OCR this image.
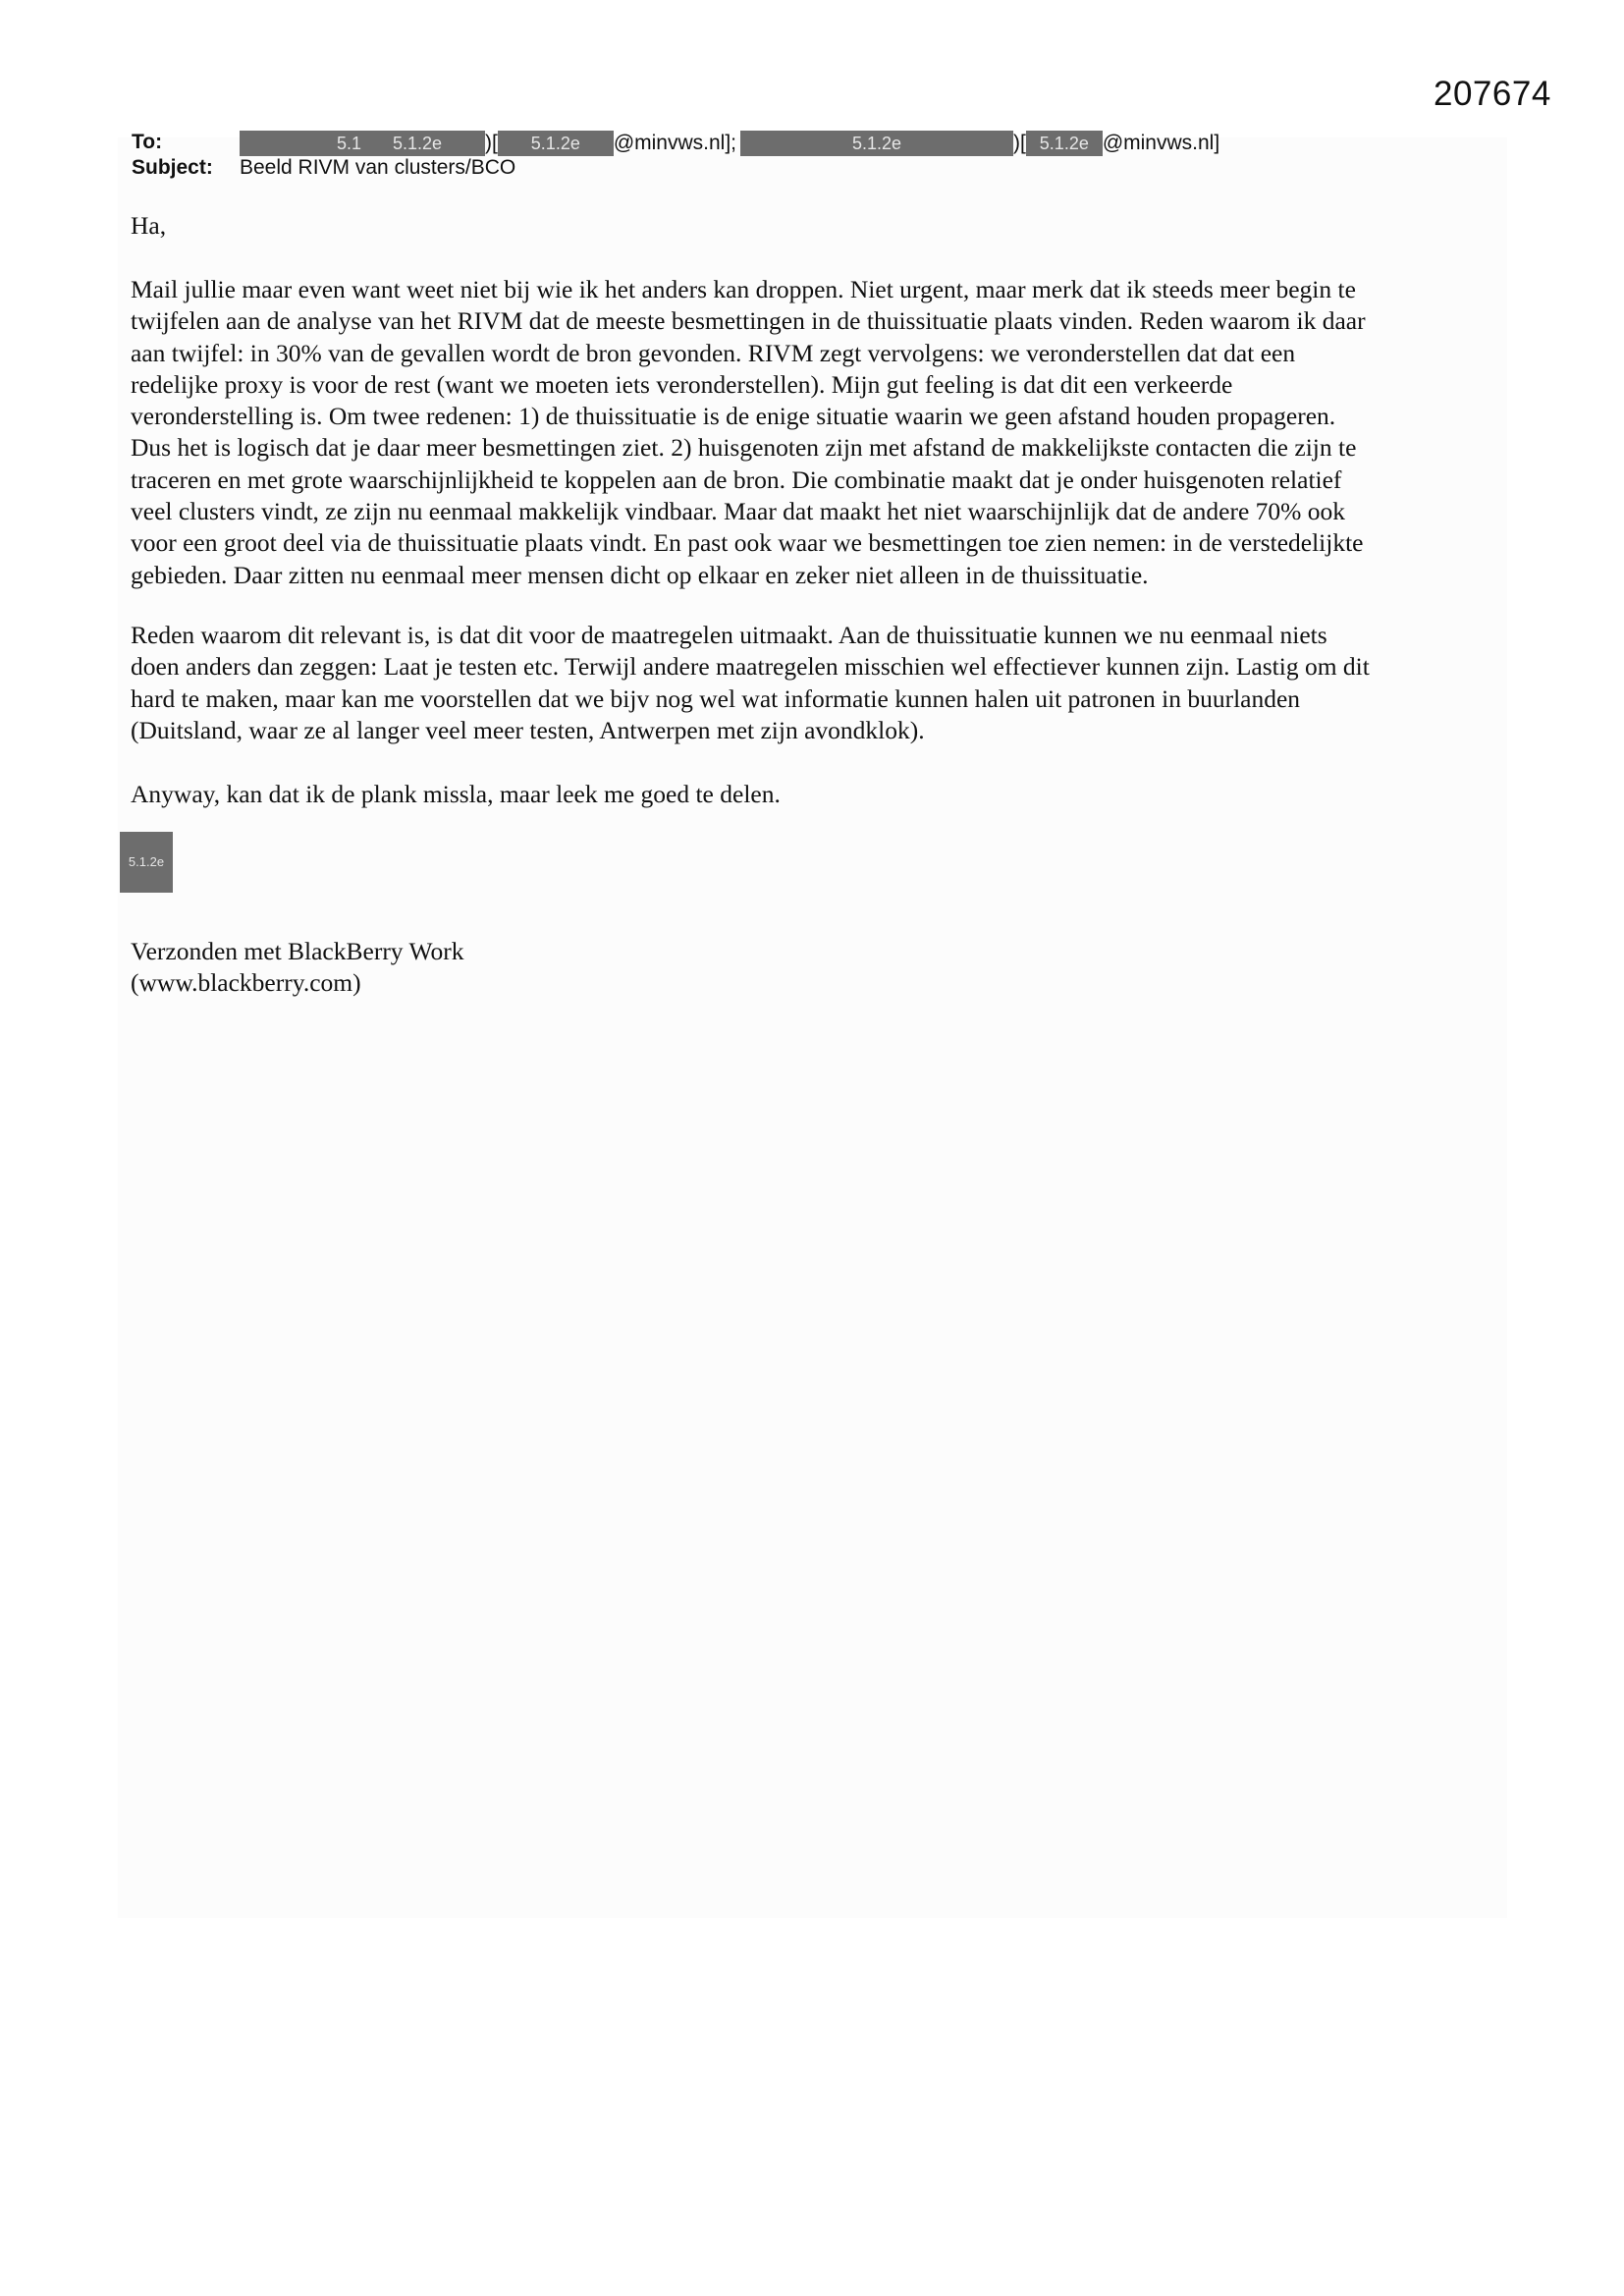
207674
To:	5.1 5.1.2e )[	5.1.2e	@minvws.nl];	5.1.2e	)[ 5.1.2e @minvws.nl]
Subject: Beeld RIVM van clusters/BCO
Ha,
Mail jullie maar even want weet niet bij wie ik het anders kan droppen. Niet urgent, maar merk dat ik steeds meer begin te
twijfelen aan de analyse van het RIVM dat de meeste besmettingen in de thuissituatie plaats vinden. Reden waarom ik daar
aan twijfel: in 30% van de gevallen wordt de bron gevonden. RIVM zegt vervolgens: we veronderstellen dat dat een
redelijke proxy is voor de rest (want we moeten iets veronderstellen). Mijn gut feeling is dat dit een verkeerde
veronderstelling is. Om twee redenen: 1) de thuissituatie is de enige situatie waarin we geen afstand houden propageren.
Dus het is logisch dat je daar meer besmettingen ziet. 2) huisgenoten zijn met afstand de makkelijkste contacten die zijn te
traceren en met grote waarschijnlijkheid te koppelen aan de bron. Die combinatie maakt dat je onder huisgenoten relatief
veel clusters vindt, ze zijn nu eenmaal makkelijk vindbaar. Maar dat maakt het niet waarschijnlijk dat de andere 70% ook
voor een groot deel via de thuissituatie plaats vindt. En past ook waar we besmettingen toe zien nemen: in de verstedelijkte
gebieden. Daar zitten nu eenmaal meer mensen dicht op elkaar en zeker niet alleen in de thuissituatie.
Reden waarom dit relevant is, is dat dit voor de maatregelen uitmaakt. Aan de thuissituatie kunnen we nu eenmaal niets
doen anders dan zeggen: Laat je testen etc. Terwijl andere maatregelen misschien wel effectiever kunnen zijn. Lastig om dit
hard te maken, maar kan me voorstellen dat we bijv nog wel wat informatie kunnen halen uit patronen in buurlanden
(Duitsland, waar ze al langer veel meer testen, Antwerpen met zijn avondklok).
Anyway, kan dat ik de plank missla, maar leek me goed te delen.
5.1.2e
Verzonden met BlackBerry Work
(www.blackberry.com)
